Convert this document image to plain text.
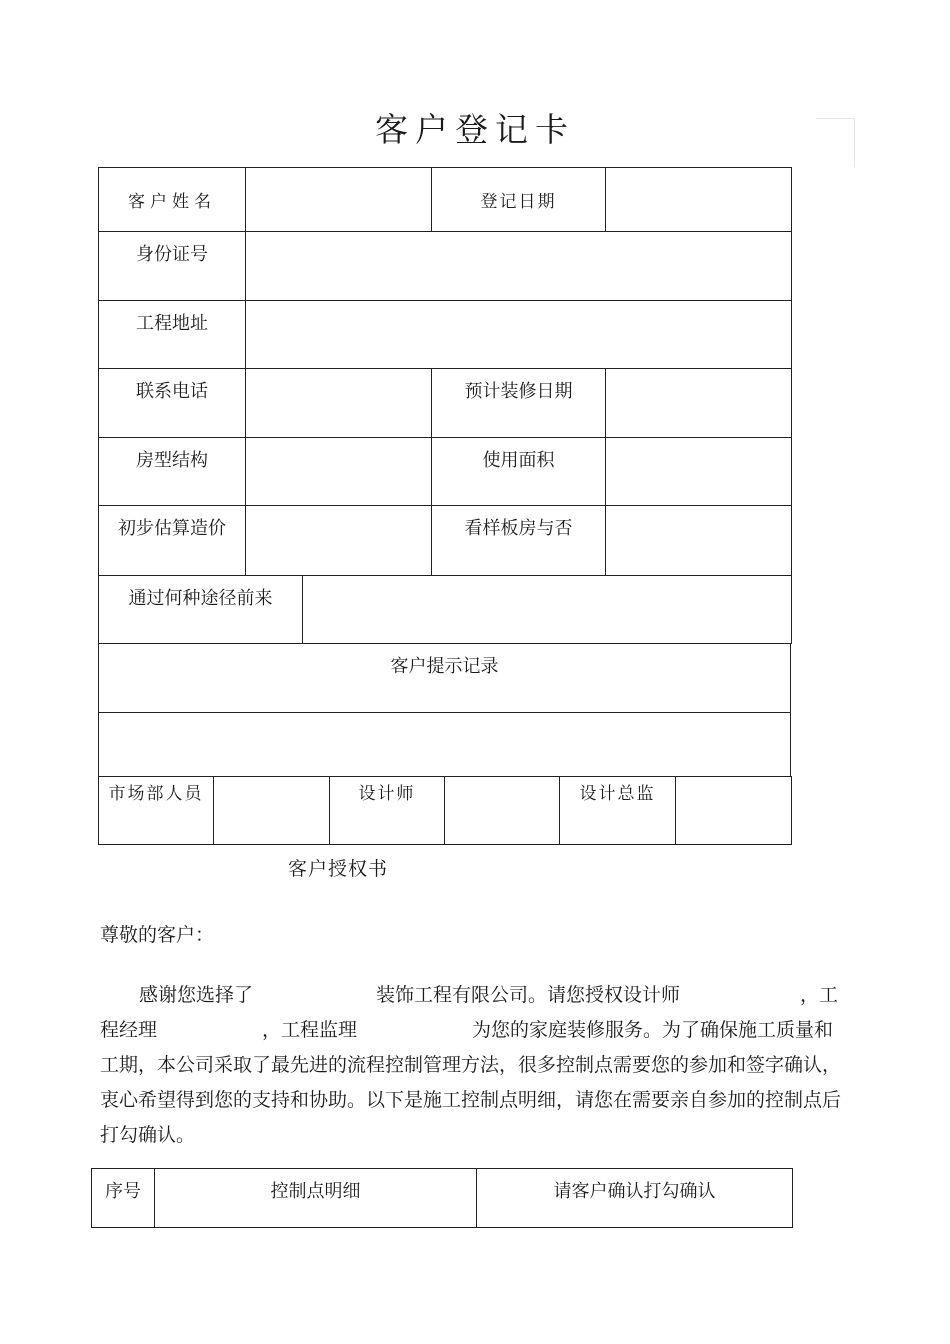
客户登记卡
客户姓名		登记日期	
身份证号			
工程地址			
联系电话		预计装修日期	
房型结构		使用面积	
初步估算造价		看样板房与否	
通过何种途径前来	
客户提示记录

市场部人员		设计师		设计总监	
客户授权书
尊敬的客户：
感谢您选择了	装饰工程有限公司。请您授权设计师	，工
程经理	，工程监理	为您的家庭装修服务。为了确保施工质量和
工期，本公司采取了最先进的流程控制管理方法，很多控制点需要您的参加和签字确认，
衷心希望得到您的支持和协助。以下是施工控制点明细，请您在需要亲自参加的控制点后
打勾确认。
序号	控制点明细	请客户确认打勾确认
